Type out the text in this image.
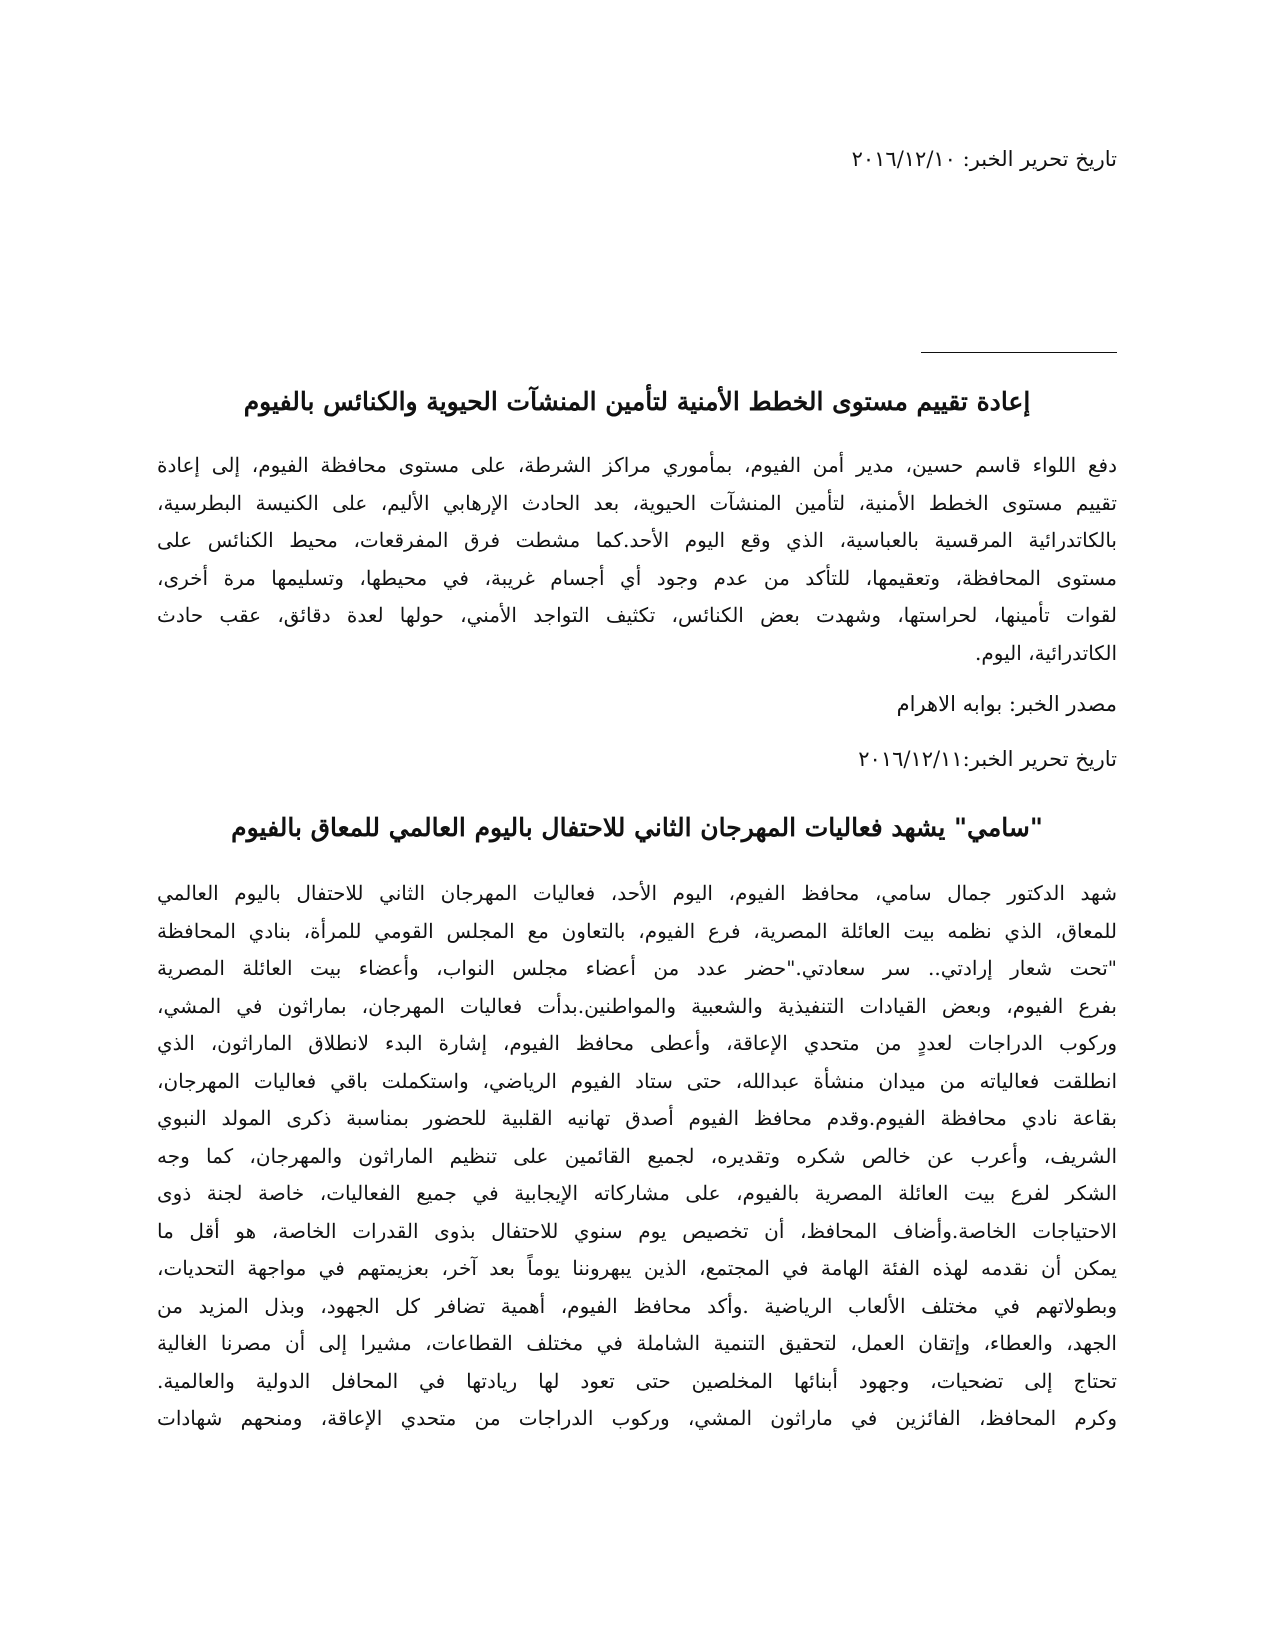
تاريخ تحرير الخبر: ٢٠١٦/١٢/١٠
إعادة تقييم مستوى الخطط الأمنية لتأمين المنشآت الحيوية والكنائس بالفيوم

دفع اللواء قاسم حسين، مدير أمن الفيوم، بمأموري مراكز الشرطة، على مستوى محافظة الفيوم، إلى إعادة
تقييم مستوى الخطط الأمنية، لتأمين المنشآت الحيوية، بعد الحادث الإرهابي الأليم، على الكنيسة البطرسية،
بالكاتدرائية المرقسية بالعباسية، الذي وقع اليوم الأحد.كما مشطت فرق المفرقعات، محيط الكنائس على
مستوى المحافظة، وتعقيمها، للتأكد من عدم وجود أي أجسام غريبة، في محيطها، وتسليمها مرة أخرى،
لقوات تأمينها، لحراستها، وشهدت بعض الكنائس، تكثيف التواجد الأمني، حولها لعدة دقائق، عقب حادث
الكاتدرائية، اليوم.

مصدر الخبر: بوابه الاهرام
تاريخ تحرير الخبر:٢٠١٦/١٢/١١
"سامي" يشهد فعاليات المهرجان الثاني للاحتفال باليوم العالمي للمعاق بالفيوم

شهد الدكتور جمال سامي، محافظ الفيوم، اليوم الأحد، فعاليات المهرجان الثاني للاحتفال باليوم العالمي
للمعاق، الذي نظمه بيت العائلة المصرية، فرع الفيوم، بالتعاون مع المجلس القومي للمرأة، بنادي المحافظة
"تحت شعار إرادتي.. سر سعادتي."حضر عدد من أعضاء مجلس النواب، وأعضاء بيت العائلة المصرية
بفرع الفيوم، وبعض القيادات التنفيذية والشعبية والمواطنين.بدأت فعاليات المهرجان، بماراثون في المشي،
وركوب الدراجات لعددٍ من متحدي الإعاقة، وأعطى محافظ الفيوم، إشارة البدء لانطلاق الماراثون، الذي
انطلقت فعالياته من ميدان منشأة عبدالله، حتى ستاد الفيوم الرياضي، واستكملت باقي فعاليات المهرجان،
بقاعة نادي محافظة الفيوم.وقدم محافظ الفيوم أصدق تهانيه القلبية للحضور بمناسبة ذكرى المولد النبوي
الشريف، وأعرب عن خالص شكره وتقديره، لجميع القائمين على تنظيم الماراثون والمهرجان، كما وجه
الشكر لفرع بيت العائلة المصرية بالفيوم، على مشاركاته الإيجابية في جميع الفعاليات، خاصة لجنة ذوى
الاحتياجات الخاصة.وأضاف المحافظ، أن تخصيص يوم سنوي للاحتفال بذوى القدرات الخاصة، هو أقل ما
يمكن أن نقدمه لهذه الفئة الهامة في المجتمع، الذين يبهروننا يوماً بعد آخر، بعزيمتهم في مواجهة التحديات،
وبطولاتهم في مختلف الألعاب الرياضية .وأكد محافظ الفيوم، أهمية تضافر كل الجهود، وبذل المزيد من
الجهد، والعطاء، وإتقان العمل، لتحقيق التنمية الشاملة في مختلف القطاعات، مشيرا إلى أن مصرنا الغالية
تحتاج إلى تضحيات، وجهود أبنائها المخلصين حتى تعود لها ريادتها في المحافل الدولية والعالمية.
وكرم المحافظ، الفائزين في ماراثون المشي، وركوب الدراجات من متحدي الإعاقة، ومنحهم شهادات
